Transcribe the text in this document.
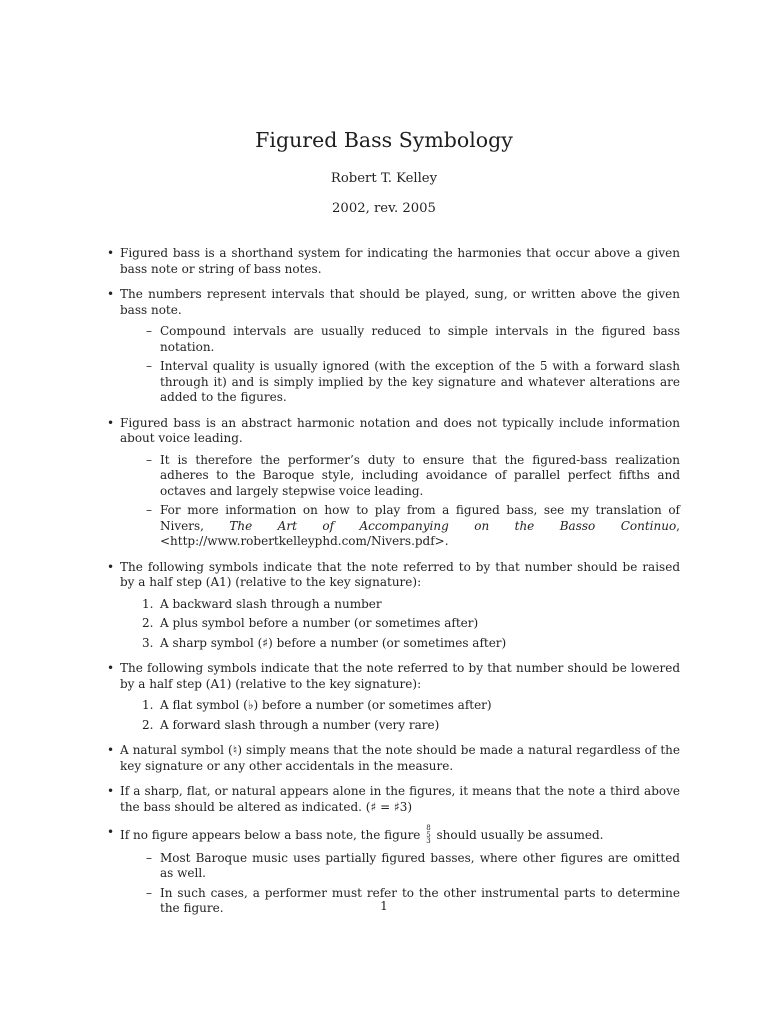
Figured Bass Symbology
Robert T. Kelley
2002, rev. 2005
• Figured bass is a shorthand system for indicating the harmonies that occur above a given bass note or string of bass notes.
• The numbers represent intervals that should be played, sung, or written above the given bass note.
– Compound intervals are usually reduced to simple intervals in the figured bass notation.
– Interval quality is usually ignored (with the exception of the 5 with a forward slash through it) and is simply implied by the key signature and whatever alterations are added to the figures.
• Figured bass is an abstract harmonic notation and does not typically include information about voice leading.
– It is therefore the performer’s duty to ensure that the figured-bass realization adheres to the Baroque style, including avoidance of parallel perfect fifths and octaves and largely stepwise voice leading.
– For more information on how to play from a figured bass, see my translation of Nivers, The Art of Accompanying on the Basso Continuo, <http://www.robertkelleyphd.com/Nivers.pdf>.
• The following symbols indicate that the note referred to by that number should be raised by a half step (A1) (relative to the key signature):
1. A backward slash through a number
2. A plus symbol before a number (or sometimes after)
3. A sharp symbol (♯) before a number (or sometimes after)
• The following symbols indicate that the note referred to by that number should be lowered by a half step (A1) (relative to the key signature):
1. A flat symbol (♭) before a number (or sometimes after)
2. A forward slash through a number (very rare)
• A natural symbol (♮) simply means that the note should be made a natural regardless of the key signature or any other accidentals in the measure.
• If a sharp, flat, or natural appears alone in the figures, it means that the note a third above the bass should be altered as indicated. (♯ = ♯3)
• If no figure appears below a bass note, the figure 8
5
3 should usually be assumed.
– Most Baroque music uses partially figured basses, where other figures are omitted as well.
– In such cases, a performer must refer to the other instrumental parts to determine the figure.	1
